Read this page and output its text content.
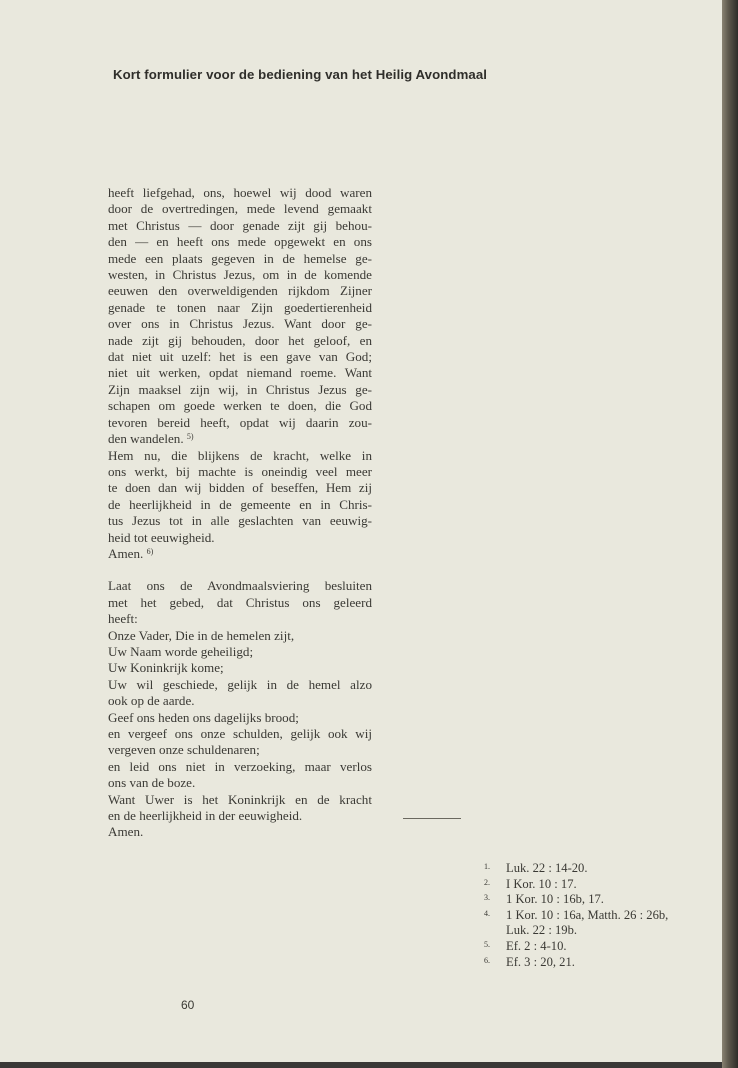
Kort formulier voor de bediening van het Heilig Avondmaal

heeft liefgehad, ons, hoewel wij dood waren
door de overtredingen, mede levend gemaakt
met Christus — door genade zijt gij behou-
den — en heeft ons mede opgewekt en ons
mede een plaats gegeven in de hemelse ge-
westen, in Christus Jezus, om in de komende
eeuwen den overweldigenden rijkdom Zijner
genade te tonen naar Zijn goedertierenheid
over ons in Christus Jezus. Want door ge-
nade zijt gij behouden, door het geloof, en
dat niet uit uzelf: het is een gave van God;
niet uit werken, opdat niemand roeme. Want
Zijn maaksel zijn wij, in Christus Jezus ge-
schapen om goede werken te doen, die God
tevoren bereid heeft, opdat wij daarin zou-
den wandelen. $^{5)}$

Hem nu, die blijkens de kracht, welke in
ons werkt, bij machte is oneindig veel meer
te doen dan wij bidden of beseffen, Hem zij
de heerlijkheid in de gemeente en in Chris-
tus Jezus tot in alle geslachten van eeuwig-
heid tot eeuwigheid.

Amen. $^{6)}$

Laat ons de Avondmaalsviering besluiten
met het gebed, dat Christus ons geleerd
heeft:

Onze Vader, Die in de hemelen zijt,

Uw Naam worde geheiligd;

Uw Koninkrijk kome;

Uw wil geschiede, gelijk in de hemel alzo
ook op de aarde.

Geef ons heden ons dagelijks brood;

en vergeef ons onze schulden, gelijk ook wij
vergeven onze schuldenaren;

en leid ons niet in verzoeking, maar verlos
ons van de boze.

Want Uwer is het Koninkrijk en de kracht
en de heerlijkheid in der eeuwigheid.

Amen.

1. Luk. 22 : 14-20.
2. I Kor. 10 : 17.
3. 1 Kor. 10 : 16b, 17.
4. 1 Kor. 10 : 16a, Matth. 26 : 26b,
Luk. 22 : 19b.
5. Ef. 2 : 4-10.
6. Ef. 3 : 20, 21.
60
